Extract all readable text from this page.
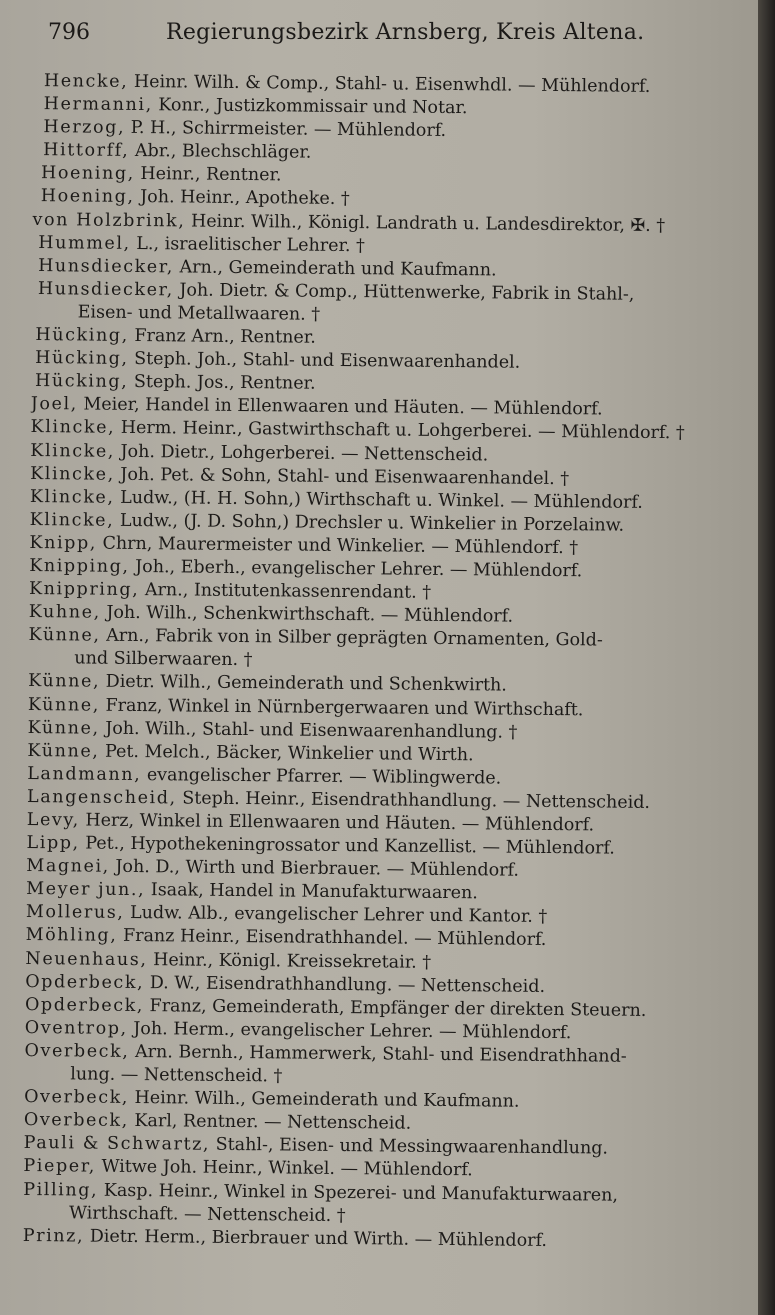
796	Regierungsbezirk Arnsberg, Kreis Altena.
Hencke, Heinr. Wilh. & Comp., Stahl- u. Eisenwhdl. — Mühlendorf.
Hermanni, Konr., Justizkommissair und Notar.
Herzog, P. H., Schirrmeister. — Mühlendorf.
Hittorff, Abr., Blechschläger.
Hoening, Heinr., Rentner.
Hoening, Joh. Heinr., Apotheke. †
von Holzbrink, Heinr. Wilh., Königl. Landrath u. Landesdirektor, ✠. †
Hummel, L., israelitischer Lehrer. †
Hunsdiecker, Arn., Gemeinderath und Kaufmann.
Hunsdiecker, Joh. Dietr. & Comp., Hüttenwerke, Fabrik in Stahl-,
Eisen- und Metallwaaren. †
Hücking, Franz Arn., Rentner.
Hücking, Steph. Joh., Stahl- und Eisenwaarenhandel.
Hücking, Steph. Jos., Rentner.
Joel, Meier, Handel in Ellenwaaren und Häuten. — Mühlendorf.
Klincke, Herm. Heinr., Gastwirthschaft u. Lohgerberei. — Mühlendorf. †
Klincke, Joh. Dietr., Lohgerberei. — Nettenscheid.
Klincke, Joh. Pet. & Sohn, Stahl- und Eisenwaarenhandel. †
Klincke, Ludw., (H. H. Sohn,) Wirthschaft u. Winkel. — Mühlendorf.
Klincke, Ludw., (J. D. Sohn,) Drechsler u. Winkelier in Porzelainw.
Knipp, Chrn, Maurermeister und Winkelier. — Mühlendorf. †
Knipping, Joh., Eberh., evangelischer Lehrer. — Mühlendorf.
Knippring, Arn., Institutenkassenrendant. †
Kuhne, Joh. Wilh., Schenkwirthschaft. — Mühlendorf.
Künne, Arn., Fabrik von in Silber geprägten Ornamenten, Gold-
und Silberwaaren. †
Künne, Dietr. Wilh., Gemeinderath und Schenkwirth.
Künne, Franz, Winkel in Nürnbergerwaaren und Wirthschaft.
Künne, Joh. Wilh., Stahl- und Eisenwaarenhandlung. †
Künne, Pet. Melch., Bäcker, Winkelier und Wirth.
Landmann, evangelischer Pfarrer. — Wiblingwerde.
Langenscheid, Steph. Heinr., Eisendrathhandlung. — Nettenscheid.
Levy, Herz, Winkel in Ellenwaaren und Häuten. — Mühlendorf.
Lipp, Pet., Hypothekeningrossator und Kanzellist. — Mühlendorf.
Magnei, Joh. D., Wirth und Bierbrauer. — Mühlendorf.
Meyer jun., Isaak, Handel in Manufakturwaaren.
Mollerus, Ludw. Alb., evangelischer Lehrer und Kantor. †
Möhling, Franz Heinr., Eisendrathhandel. — Mühlendorf.
Neuenhaus, Heinr., Königl. Kreissekretair. †
Opderbeck, D. W., Eisendrathhandlung. — Nettenscheid.
Opderbeck, Franz, Gemeinderath, Empfänger der direkten Steuern.
Oventrop, Joh. Herm., evangelischer Lehrer. — Mühlendorf.
Overbeck, Arn. Bernh., Hammerwerk, Stahl- und Eisendrathhand-
lung. — Nettenscheid. †
Overbeck, Heinr. Wilh., Gemeinderath und Kaufmann.
Overbeck, Karl, Rentner. — Nettenscheid.
Pauli & Schwartz, Stahl-, Eisen- und Messingwaarenhandlung.
Pieper, Witwe Joh. Heinr., Winkel. — Mühlendorf.
Pilling, Kasp. Heinr., Winkel in Spezerei- und Manufakturwaaren,
Wirthschaft. — Nettenscheid. †
Prinz, Dietr. Herm., Bierbrauer und Wirth. — Mühlendorf.
